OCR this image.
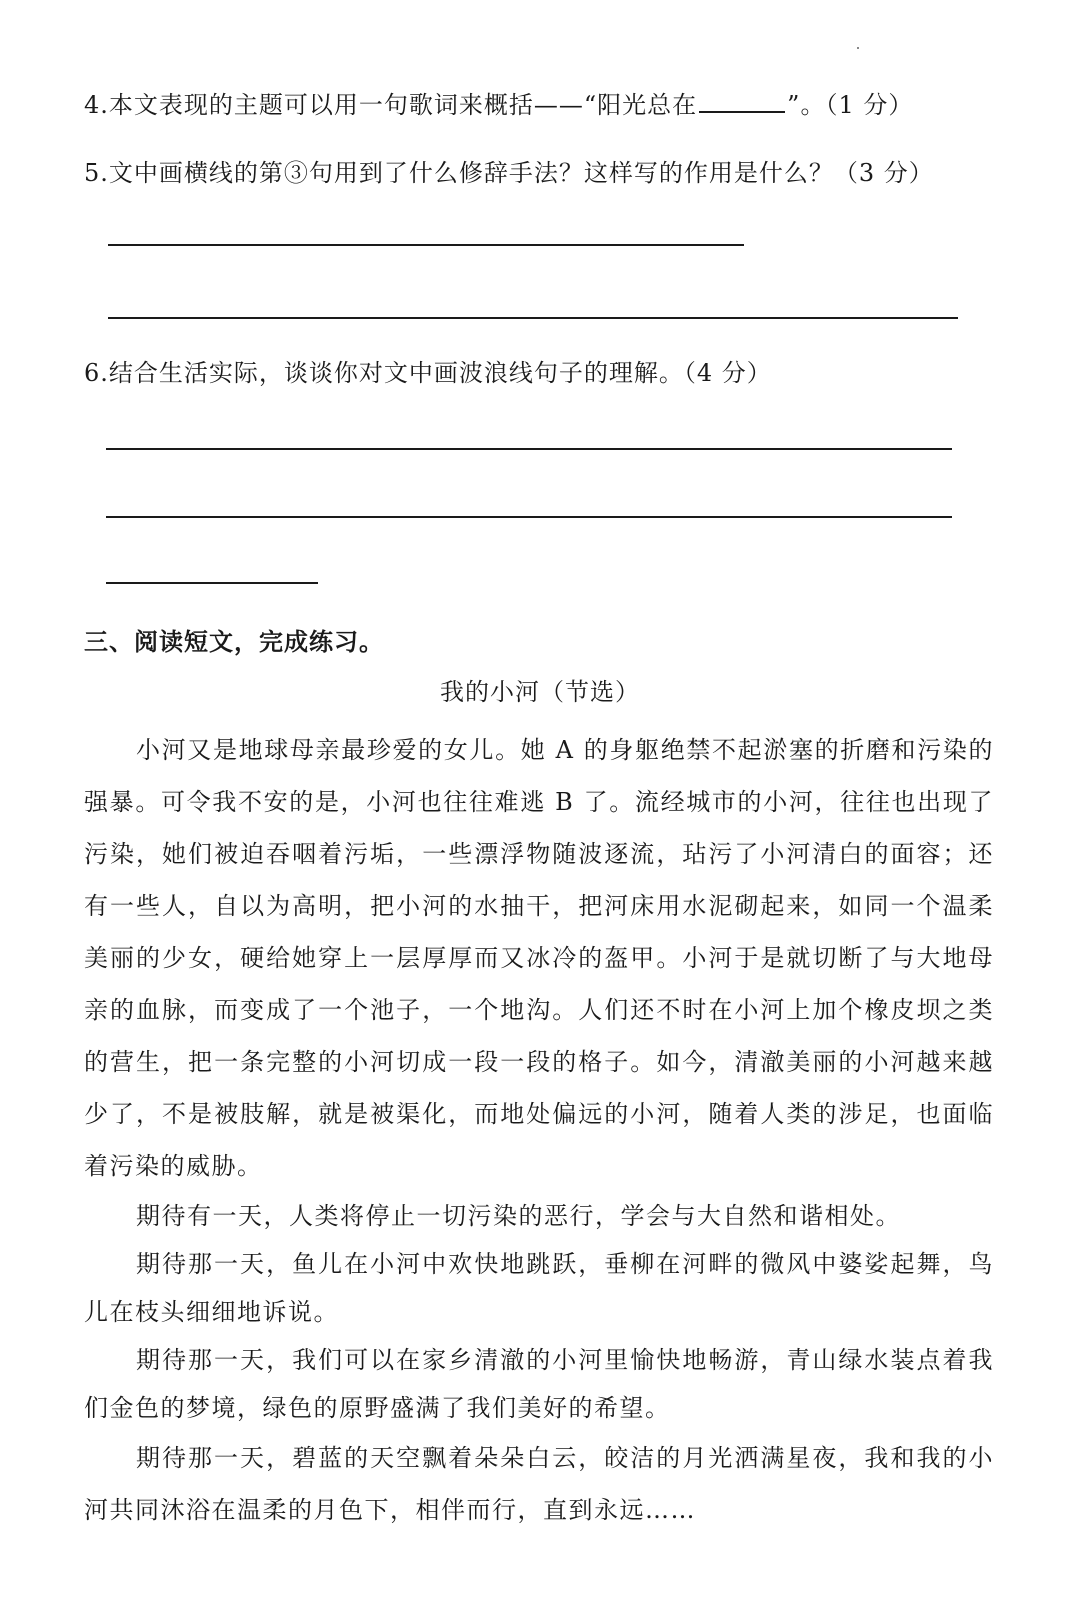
4.本文表现的主题可以用一句歌词来概括——“阳光总在	”。（1 分）
5.文中画横线的第③句用到了什么修辞手法？这样写的作用是什么？（3 分）
6.结合生活实际，谈谈你对文中画波浪线句子的理解。（4 分）
三、阅读短文，完成练习。
我的小河（节选）

小河又是地球母亲最珍爱的女儿。她 A 的身躯绝禁不起淤塞的折磨和污染的强暴。可令我不安的是，小河也往往难逃 B 了。流经城市的小河，往往也出现了污染，她们被迫吞咽着污垢，一些漂浮物随波逐流，玷污了小河清白的面容；还有一些人，自以为高明，把小河的水抽干，把河床用水泥砌起来，如同一个温柔美丽的少女，硬给她穿上一层厚厚而又冰冷的盔甲。小河于是就切断了与大地母亲的血脉，而变成了一个池子，一个地沟。人们还不时在小河上加个橡皮坝之类的营生，把一条完整的小河切成一段一段的格子。如今，清澈美丽的小河越来越少了，不是被肢解，就是被渠化，而地处偏远的小河，随着人类的涉足，也面临着污染的威胁。

期待有一天，人类将停止一切污染的恶行，学会与大自然和谐相处。

期待那一天，鱼儿在小河中欢快地跳跃，垂柳在河畔的微风中婆娑起舞，鸟儿在枝头细细地诉说。

期待那一天，我们可以在家乡清澈的小河里愉快地畅游，青山绿水装点着我们金色的梦境，绿色的原野盛满了我们美好的希望。

期待那一天，碧蓝的天空飘着朵朵白云，皎洁的月光洒满星夜，我和我的小河共同沐浴在温柔的月色下，相伴而行，直到永远……
